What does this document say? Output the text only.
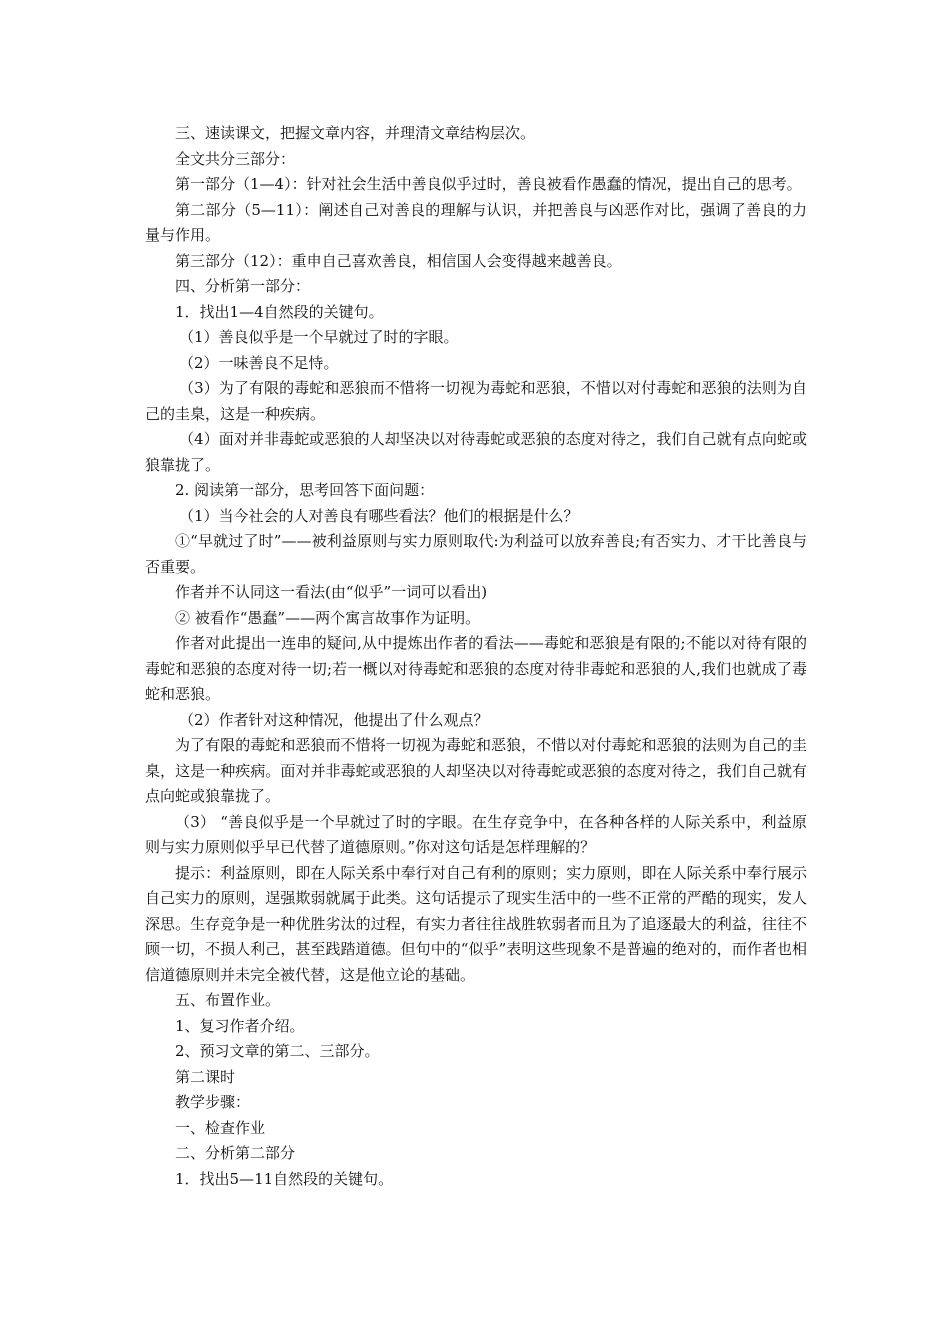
三、速读课文，把握文章内容，并理清文章结构层次。

全文共分三部分：

第一部分（1—4）：针对社会生活中善良似乎过时，善良被看作愚蠢的情况，提出自己的思考。

第二部分（5—11）：阐述自己对善良的理解与认识，并把善良与凶恶作对比，强调了善良的力量与作用。

第三部分（12）：重申自己喜欢善良，相信国人会变得越来越善良。

四、分析第一部分：

1．找出1—4自然段的关键句。

（1）善良似乎是一个早就过了时的字眼。

（2）一味善良不足恃。

（3）为了有限的毒蛇和恶狼而不惜将一切视为毒蛇和恶狼，不惜以对付毒蛇和恶狼的法则为自己的圭臬，这是一种疾病。

（4）面对并非毒蛇或恶狼的人却坚决以对待毒蛇或恶狼的态度对待之，我们自己就有点向蛇或狼靠拢了。

2. 阅读第一部分，思考回答下面问题：

（1）当今社会的人对善良有哪些看法？他们的根据是什么？

①“早就过了时”——被利益原则与实力原则取代:为利益可以放弃善良;有否实力、才干比善良与否重要。

作者并不认同这一看法(由“似乎”一词可以看出)

② 被看作“愚蠢”——两个寓言故事作为证明。

作者对此提出一连串的疑问,从中提炼出作者的看法——毒蛇和恶狼是有限的;不能以对待有限的毒蛇和恶狼的态度对待一切;若一概以对待毒蛇和恶狼的态度对待非毒蛇和恶狼的人,我们也就成了毒蛇和恶狼。

（2）作者针对这种情况，他提出了什么观点？

为了有限的毒蛇和恶狼而不惜将一切视为毒蛇和恶狼，不惜以对付毒蛇和恶狼的法则为自己的圭臬，这是一种疾病。面对并非毒蛇或恶狼的人却坚决以对待毒蛇或恶狼的态度对待之，我们自己就有点向蛇或狼靠拢了。

（3） “善良似乎是一个早就过了时的字眼。在生存竞争中，在各种各样的人际关系中，利益原则与实力原则似乎早已代替了道德原则。”你对这句话是怎样理解的？

提示：利益原则，即在人际关系中奉行对自己有利的原则；实力原则，即在人际关系中奉行展示自己实力的原则，逞强欺弱就属于此类。这句话提示了现实生活中的一些不正常的严酷的现实，发人深思。生存竞争是一种优胜劣汰的过程，有实力者往往战胜软弱者而且为了追逐最大的利益，往往不顾一切，不损人利己，甚至践踏道德。但句中的“似乎”表明这些现象不是普遍的绝对的，而作者也相信道德原则并未完全被代替，这是他立论的基础。

五、布置作业。

1、复习作者介绍。

2、预习文章的第二、三部分。

第二课时

教学步骤：

一、检查作业

二、分析第二部分

1．找出5—11自然段的关键句。
